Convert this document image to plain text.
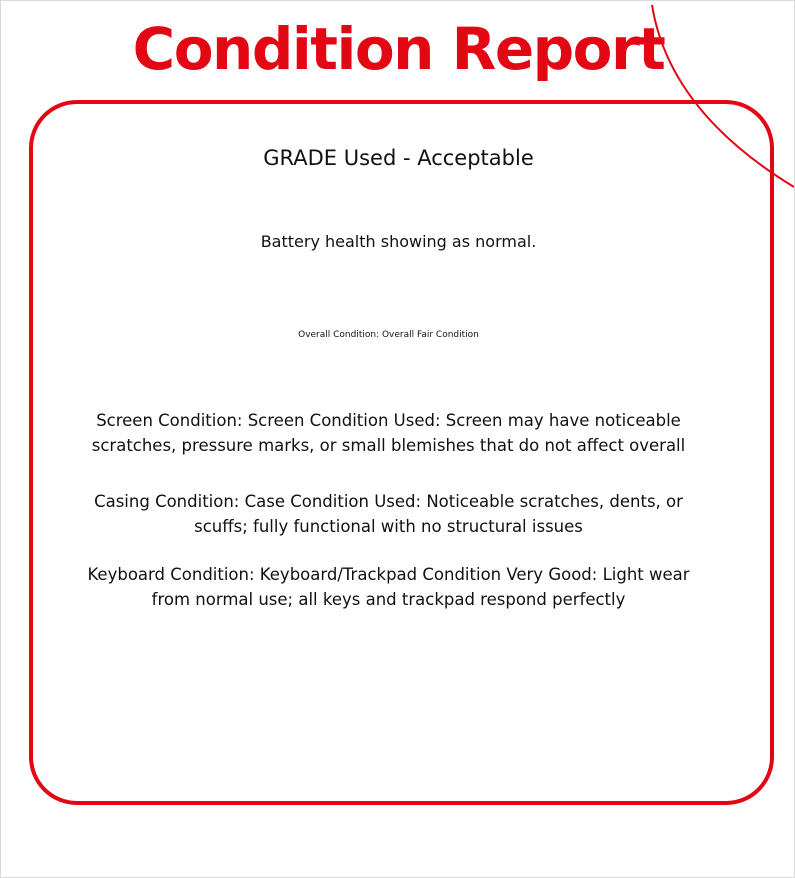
Condition Report
GRADE Used - Acceptable
Battery health showing as normal.
Overall Condition: Overall Fair Condition
Screen Condition: Screen Condition Used: Screen may have noticeable scratches, pressure marks, or small blemishes that do not affect overall
Casing Condition: Case Condition Used: Noticeable scratches, dents, or scuffs; fully functional with no structural issues
Keyboard Condition: Keyboard/Trackpad Condition Very Good: Light wear from normal use; all keys and trackpad respond perfectly
